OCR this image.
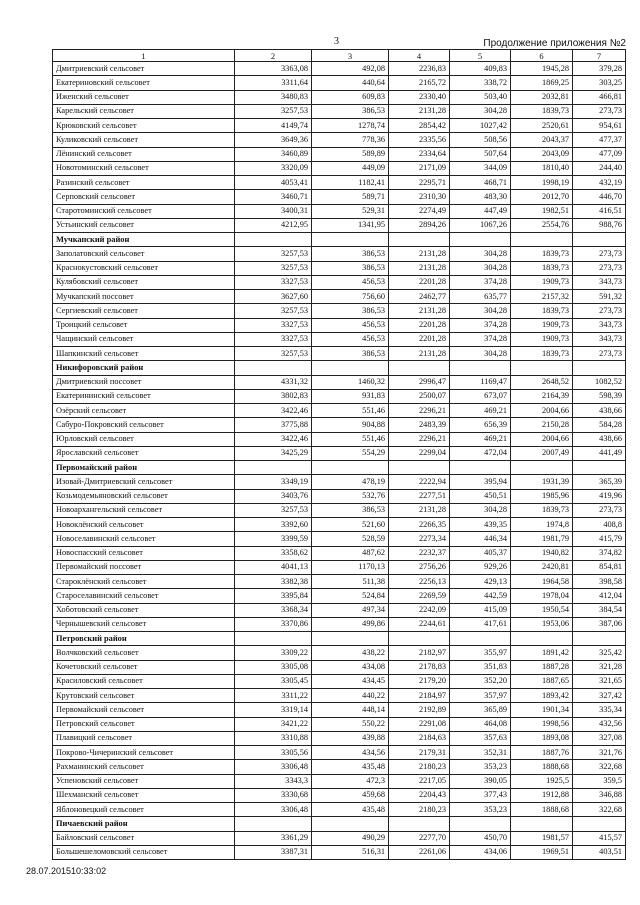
3	Продолжение приложения №2
1	2	3	4	5	6	7
Дмитриевский сельсовет	3363,08	492,08	2236,83	409,83	1945,28	379,28
Екатериновский сельсовет	3311,64	440,64	2165,72	338,72	1869,25	303,25
Иженский сельсовет	3480,83	609,83	2330,40	503,40	2032,81	466,81
Карельский сельсовет	3257,53	386,53	2131,28	304,28	1839,73	273,73
Крюковский сельсовет	4149,74	1278,74	2854,42	1027,42	2520,61	954,61
Куликовский сельсовет	3649,36	778,36	2335,56	508,56	2043,37	477,37
Лёнинский сельсовет	3460,89	589,89	2334,64	507,64	2043,09	477,09
Новотоминский сельсовет	3320,09	449,09	2171,09	344,09	1810,40	244,40
Разинский сельсовет	4053,41	1182,41	2295,71	468,71	1998,19	432,19
Серповский сельсовет	3460,71	589,71	2310,30	483,30	2012,70	446,70
Старотоминский сельсовет	3400,31	529,31	2274,49	447,49	1982,51	416,51
Устьинский сельсовет	4212,95	1341,95	2894,26	1067,26	2554,76	988,76
Мучкапский район						
Заполатовский сельсовет	3257,53	386,53	2131,28	304,28	1839,73	273,73
Краснокустовский сельсовет	3257,53	386,53	2131,28	304,28	1839,73	273,73
Кулябовский сельсовет	3327,53	456,53	2201,28	374,28	1909,73	343,73
Мучкапский поссовет	3627,60	756,60	2462,77	635,77	2157,32	591,32
Сергиевский сельсовет	3257,53	386,53	2131,28	304,28	1839,73	273,73
Троицкий сельсовет	3327,53	456,53	2201,28	374,28	1909,73	343,73
Чащинский сельсовет	3327,53	456,53	2201,28	374,28	1909,73	343,73
Шапкинский сельсовет	3257,53	386,53	2131,28	304,28	1839,73	273,73
Никифоровский район						
Дмитриевский поссовет	4331,32	1460,32	2996,47	1169,47	2648,52	1082,52
Екатерининский сельсовет	3802,83	931,83	2500,07	673,07	2164,39	598,39
Озёрский сельсовет	3422,46	551,46	2296,21	469,21	2004,66	438,66
Сабуро-Покровский сельсовет	3775,88	904,88	2483,39	656,39	2150,28	584,28
Юрловский сельсовет	3422,46	551,46	2296,21	469,21	2004,66	438,66
Ярославский сельсовет	3425,29	554,29	2299,04	472,04	2007,49	441,49
Первомайский район						
Изовай-Дмитриевский сельсовет	3349,19	478,19	2222,94	395,94	1931,39	365,39
Козьмодемьяновский сельсовет	3403,76	532,76	2277,51	450,51	1985,96	419,96
Новоархангельский сельсовет	3257,53	386,53	2131,28	304,28	1839,73	273,73
Новоклёнский сельсовет	3392,60	521,60	2266,35	439,35	1974,8	408,8
Новоселавинский сельсовет	3399,59	528,59	2273,34	446,34	1981,79	415,79
Новоспасский сельсовет	3358,62	487,62	2232,37	405,37	1940,82	374,82
Первомайский поссовет	4041,13	1170,13	2756,26	929,26	2420,81	854,81
Староклёнский сельсовет	3382,38	511,38	2256,13	429,13	1964,58	398,58
Староселавинский сельсовет	3395,84	524,84	2269,59	442,59	1978,04	412,04
Хоботовский сельсовет	3368,34	497,34	2242,09	415,09	1950,54	384,54
Чернышевский сельсовет	3370,86	499,86	2244,61	417,61	1953,06	387,06
Петровский район						
Волчковский сельсовет	3309,22	438,22	2182,97	355,97	1891,42	325,42
Кочетовский сельсовет	3305,08	434,08	2178,83	351,83	1887,28	321,28
Красиловский сельсовет	3305,45	434,45	2179,20	352,20	1887,65	321,65
Крутовский сельсовет	3311,22	440,22	2184,97	357,97	1893,42	327,42
Первомайский сельсовет	3319,14	448,14	2192,89	365,89	1901,34	335,34
Петровский сельсовет	3421,22	550,22	2291,08	464,08	1998,56	432,56
Плавицкий сельсовет	3310,88	439,88	2184,63	357,63	1893,08	327,08
Покрово-Чичеринский сельсовет	3305,56	434,56	2179,31	352,31	1887,76	321,76
Рахманинский сельсовет	3306,48	435,48	2180,23	353,23	1888,68	322,68
Успеновский сельсовет	3343,3	472,3	2217,05	390,05	1925,5	359,5
Шехманский сельсовет	3330,68	459,68	2204,43	377,43	1912,88	346,88
Яблоновецкий сельсовет	3306,48	435,48	2180,23	353,23	1888,68	322,68
Пичаевский район						
Байловский сельсовет	3361,29	490,29	2277,70	450,70	1981,57	415,57
Большешеломовский сельсовет	3387,31	516,31	2261,06	434,06	1969,51	403,51
28.07.201510:33:02
